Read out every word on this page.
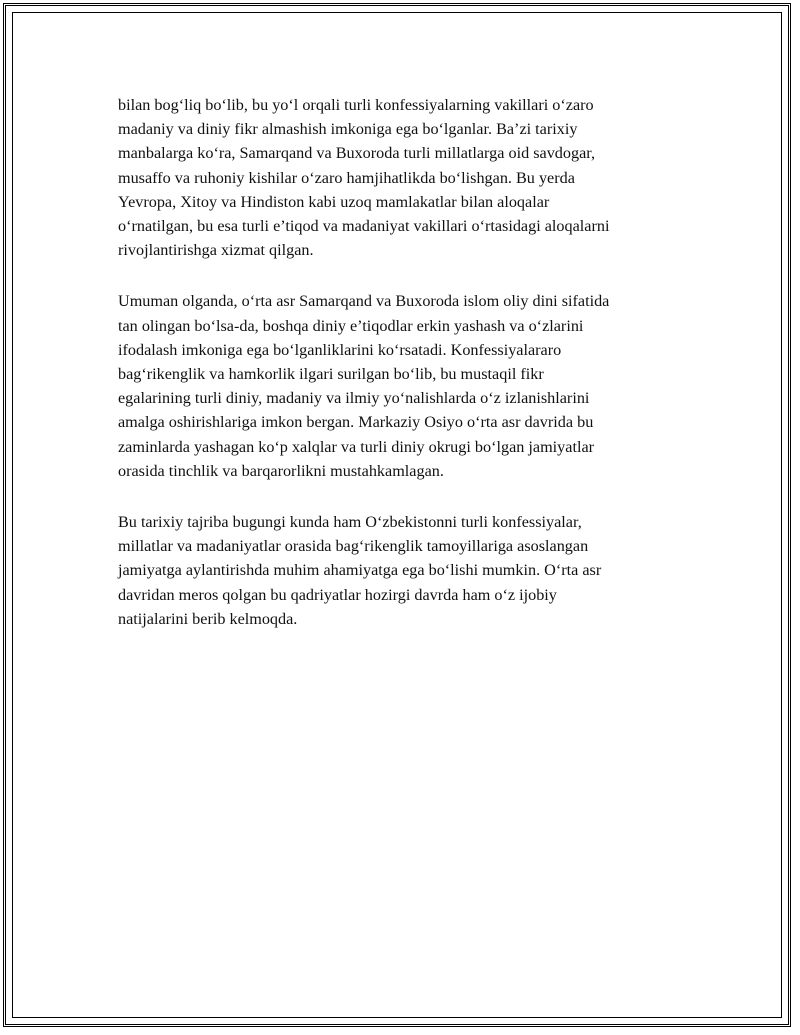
bilan bog‘liq bo‘lib, bu yo‘l orqali turli konfessiyalarning vakillari o‘zaro
madaniy va diniy fikr almashish imkoniga ega bo‘lganlar. Ba’zi tarixiy
manbalarga ko‘ra, Samarqand va Buxoroda turli millatlarga oid savdogar,
musaffo va ruhoniy kishilar o‘zaro hamjihatlikda bo‘lishgan. Bu yerda
Yevropa, Xitoy va Hindiston kabi uzoq mamlakatlar bilan aloqalar
o‘rnatilgan, bu esa turli e’tiqod va madaniyat vakillari o‘rtasidagi aloqalarni
rivojlantirishga xizmat qilgan.

Umuman olganda, o‘rta asr Samarqand va Buxoroda islom oliy dini sifatida
tan olingan bo‘lsa-da, boshqa diniy e’tiqodlar erkin yashash va o‘zlarini
ifodalash imkoniga ega bo‘lganliklarini ko‘rsatadi. Konfessiyalararo
bag‘rikenglik va hamkorlik ilgari surilgan bo‘lib, bu mustaqil fikr
egalarining turli diniy, madaniy va ilmiy yo‘nalishlarda o‘z izlanishlarini
amalga oshirishlariga imkon bergan. Markaziy Osiyo o‘rta asr davrida bu
zaminlarda yashagan ko‘p xalqlar va turli diniy okrugi bo‘lgan jamiyatlar
orasida tinchlik va barqarorlikni mustahkamlagan.

Bu tarixiy tajriba bugungi kunda ham O‘zbekistonni turli konfessiyalar,
millatlar va madaniyatlar orasida bag‘rikenglik tamoyillariga asoslangan
jamiyatga aylantirishda muhim ahamiyatga ega bo‘lishi mumkin. O‘rta asr
davridan meros qolgan bu qadriyatlar hozirgi davrda ham o‘z ijobiy
natijalarini berib kelmoqda.
